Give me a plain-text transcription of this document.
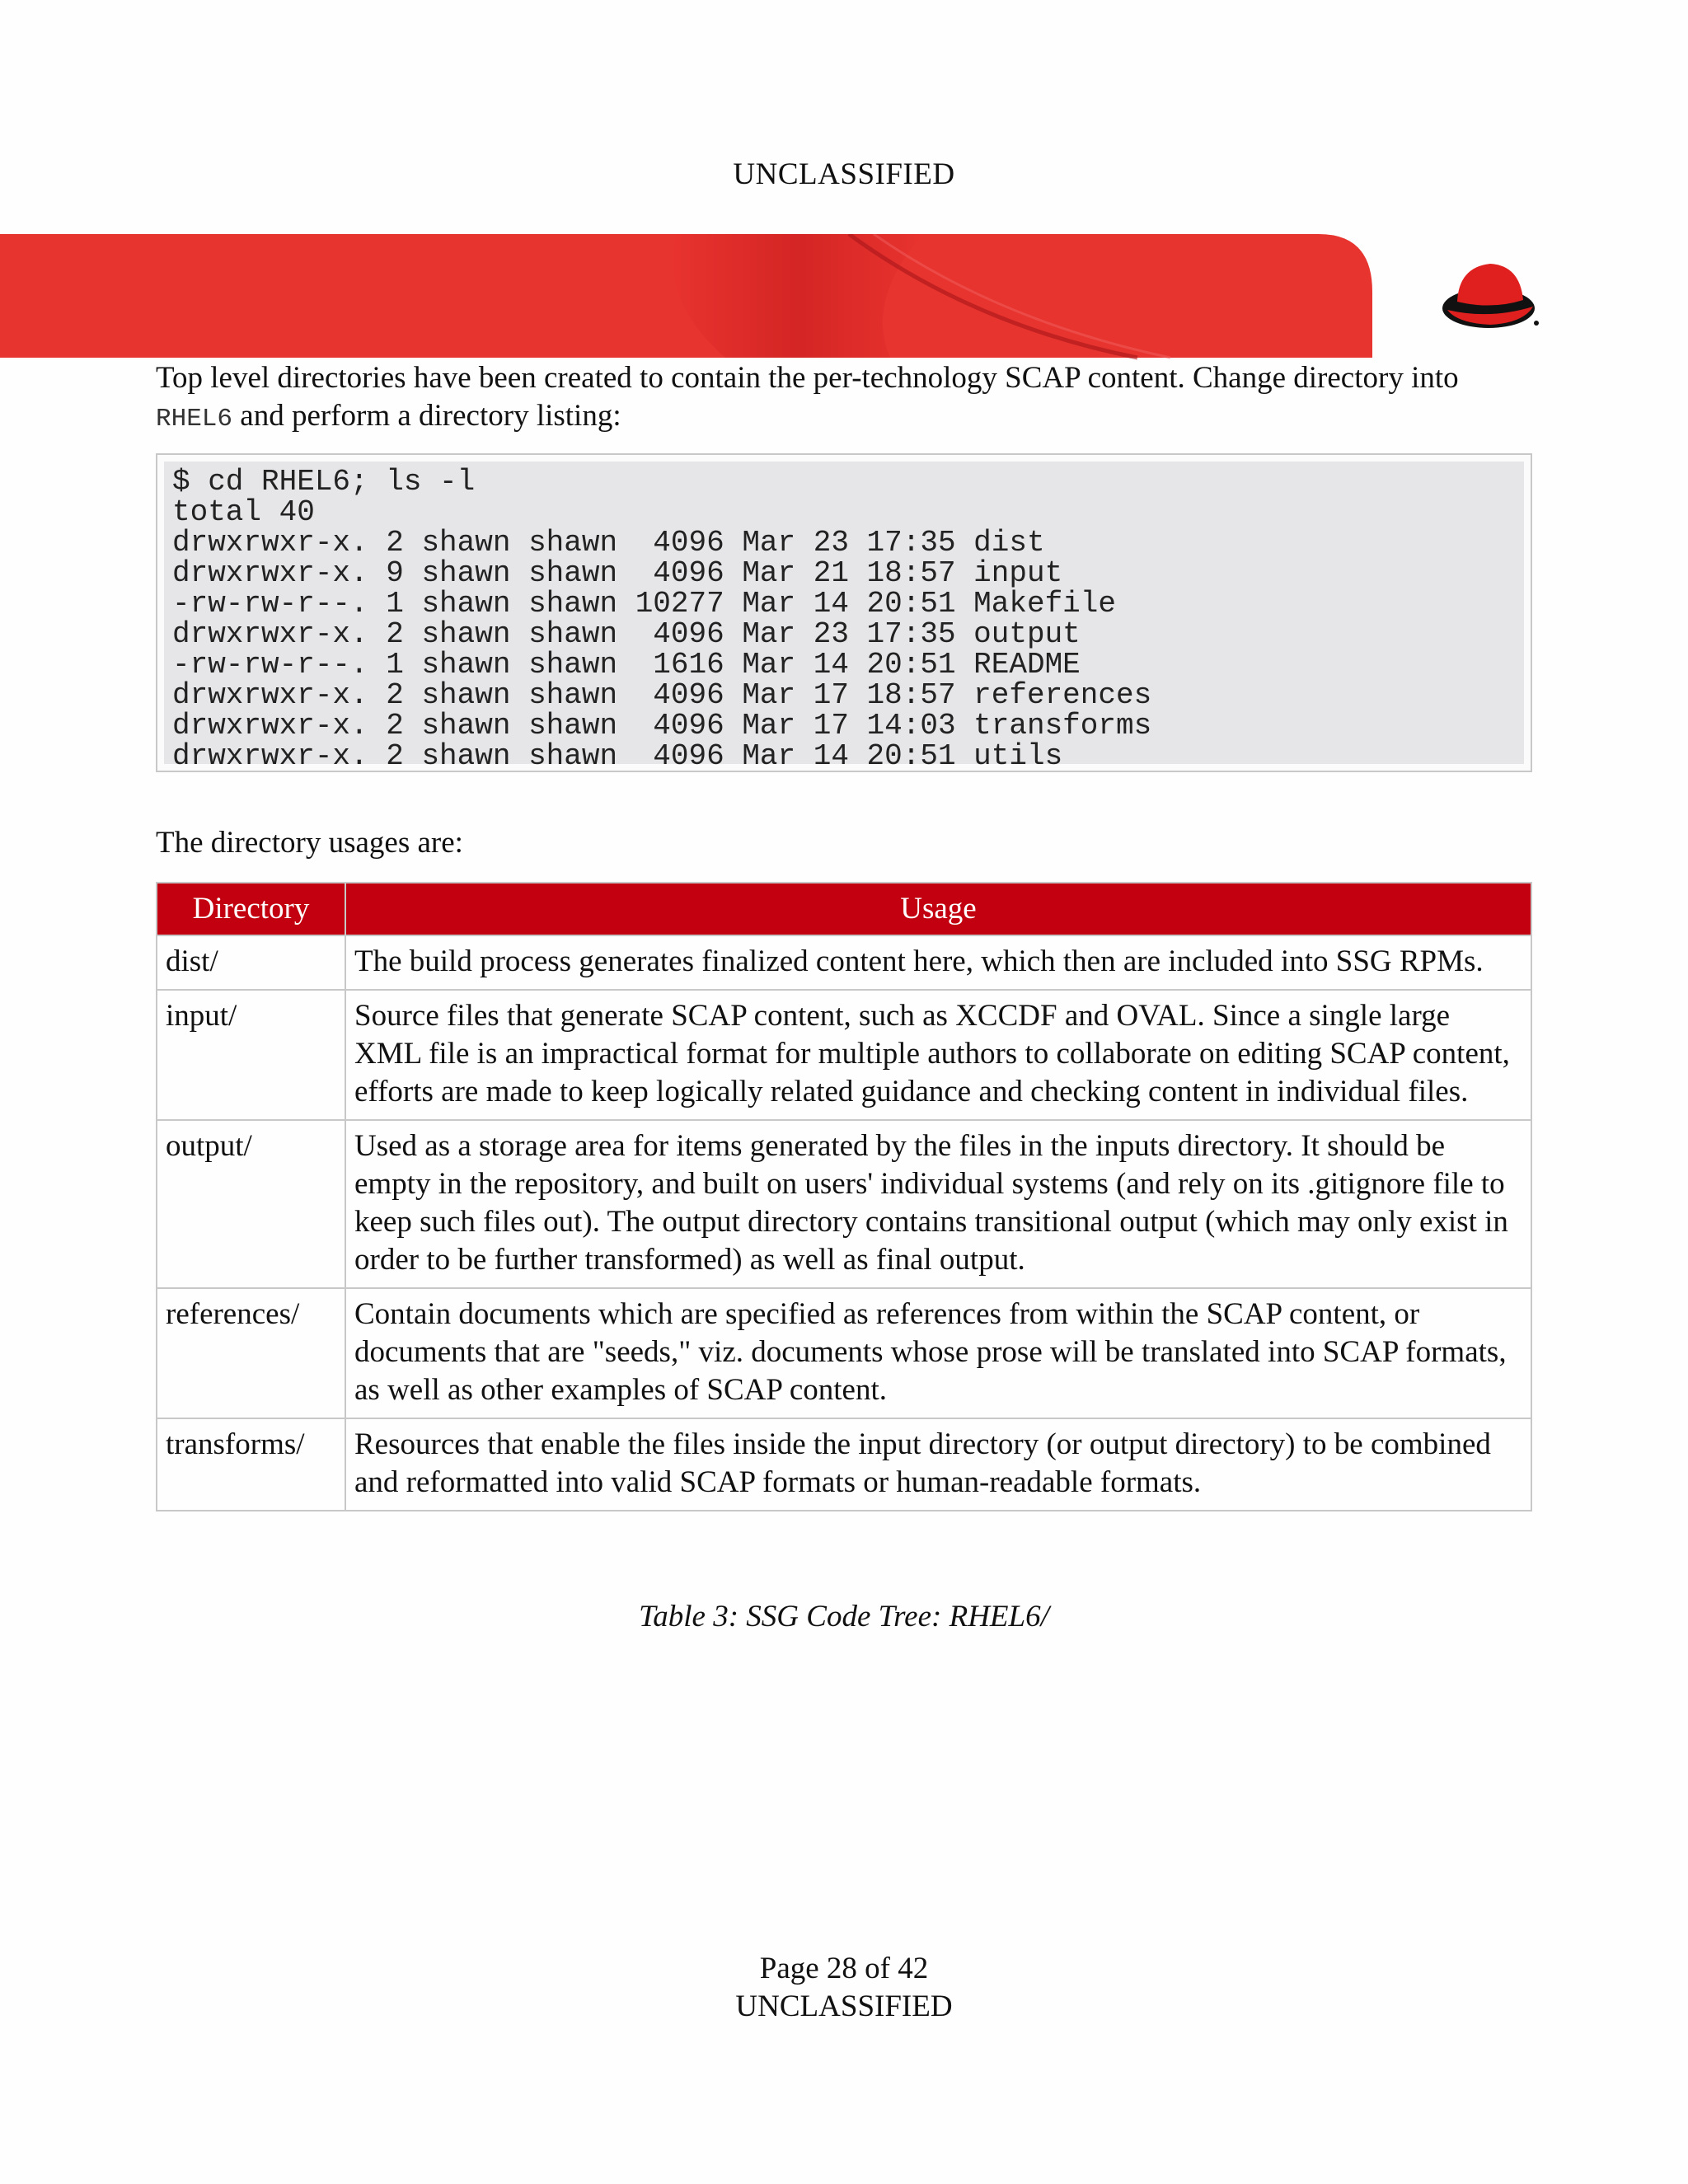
UNCLASSIFIED
Top level directories have been created to contain the per-technology SCAP content. Change directory into RHEL6 and perform a directory listing:
$ cd RHEL6; ls -l
total 40
drwxrwxr-x. 2 shawn shawn  4096 Mar 23 17:35 dist
drwxrwxr-x. 9 shawn shawn  4096 Mar 21 18:57 input
-rw-rw-r--. 1 shawn shawn 10277 Mar 14 20:51 Makefile
drwxrwxr-x. 2 shawn shawn  4096 Mar 23 17:35 output
-rw-rw-r--. 1 shawn shawn  1616 Mar 14 20:51 README
drwxrwxr-x. 2 shawn shawn  4096 Mar 17 18:57 references
drwxrwxr-x. 2 shawn shawn  4096 Mar 17 14:03 transforms
drwxrwxr-x. 2 shawn shawn  4096 Mar 14 20:51 utils
The directory usages are:
Directory	Usage
dist/	The build process generates finalized content here, which then are included into SSG RPMs.
input/	Source files that generate SCAP content, such as XCCDF and OVAL. Since a single large XML file is an impractical format for multiple authors to collaborate on editing SCAP content, efforts are made to keep logically related guidance and checking content in individual files.
output/	Used as a storage area for items generated by the files in the inputs directory. It should be empty in the repository, and built on users' individual systems (and rely on its .gitignore file to keep such files out). The output directory contains transitional output (which may only exist in order to be further transformed) as well as final output.
references/	Contain documents which are specified as references from within the SCAP content, or documents that are "seeds," viz. documents whose prose will be translated into SCAP formats, as well as other examples of SCAP content.
transforms/	Resources that enable the files inside the input directory (or output directory) to be combined and reformatted into valid SCAP formats or human-readable formats.
Table 3: SSG Code Tree: RHEL6/
Page 28 of 42
UNCLASSIFIED
